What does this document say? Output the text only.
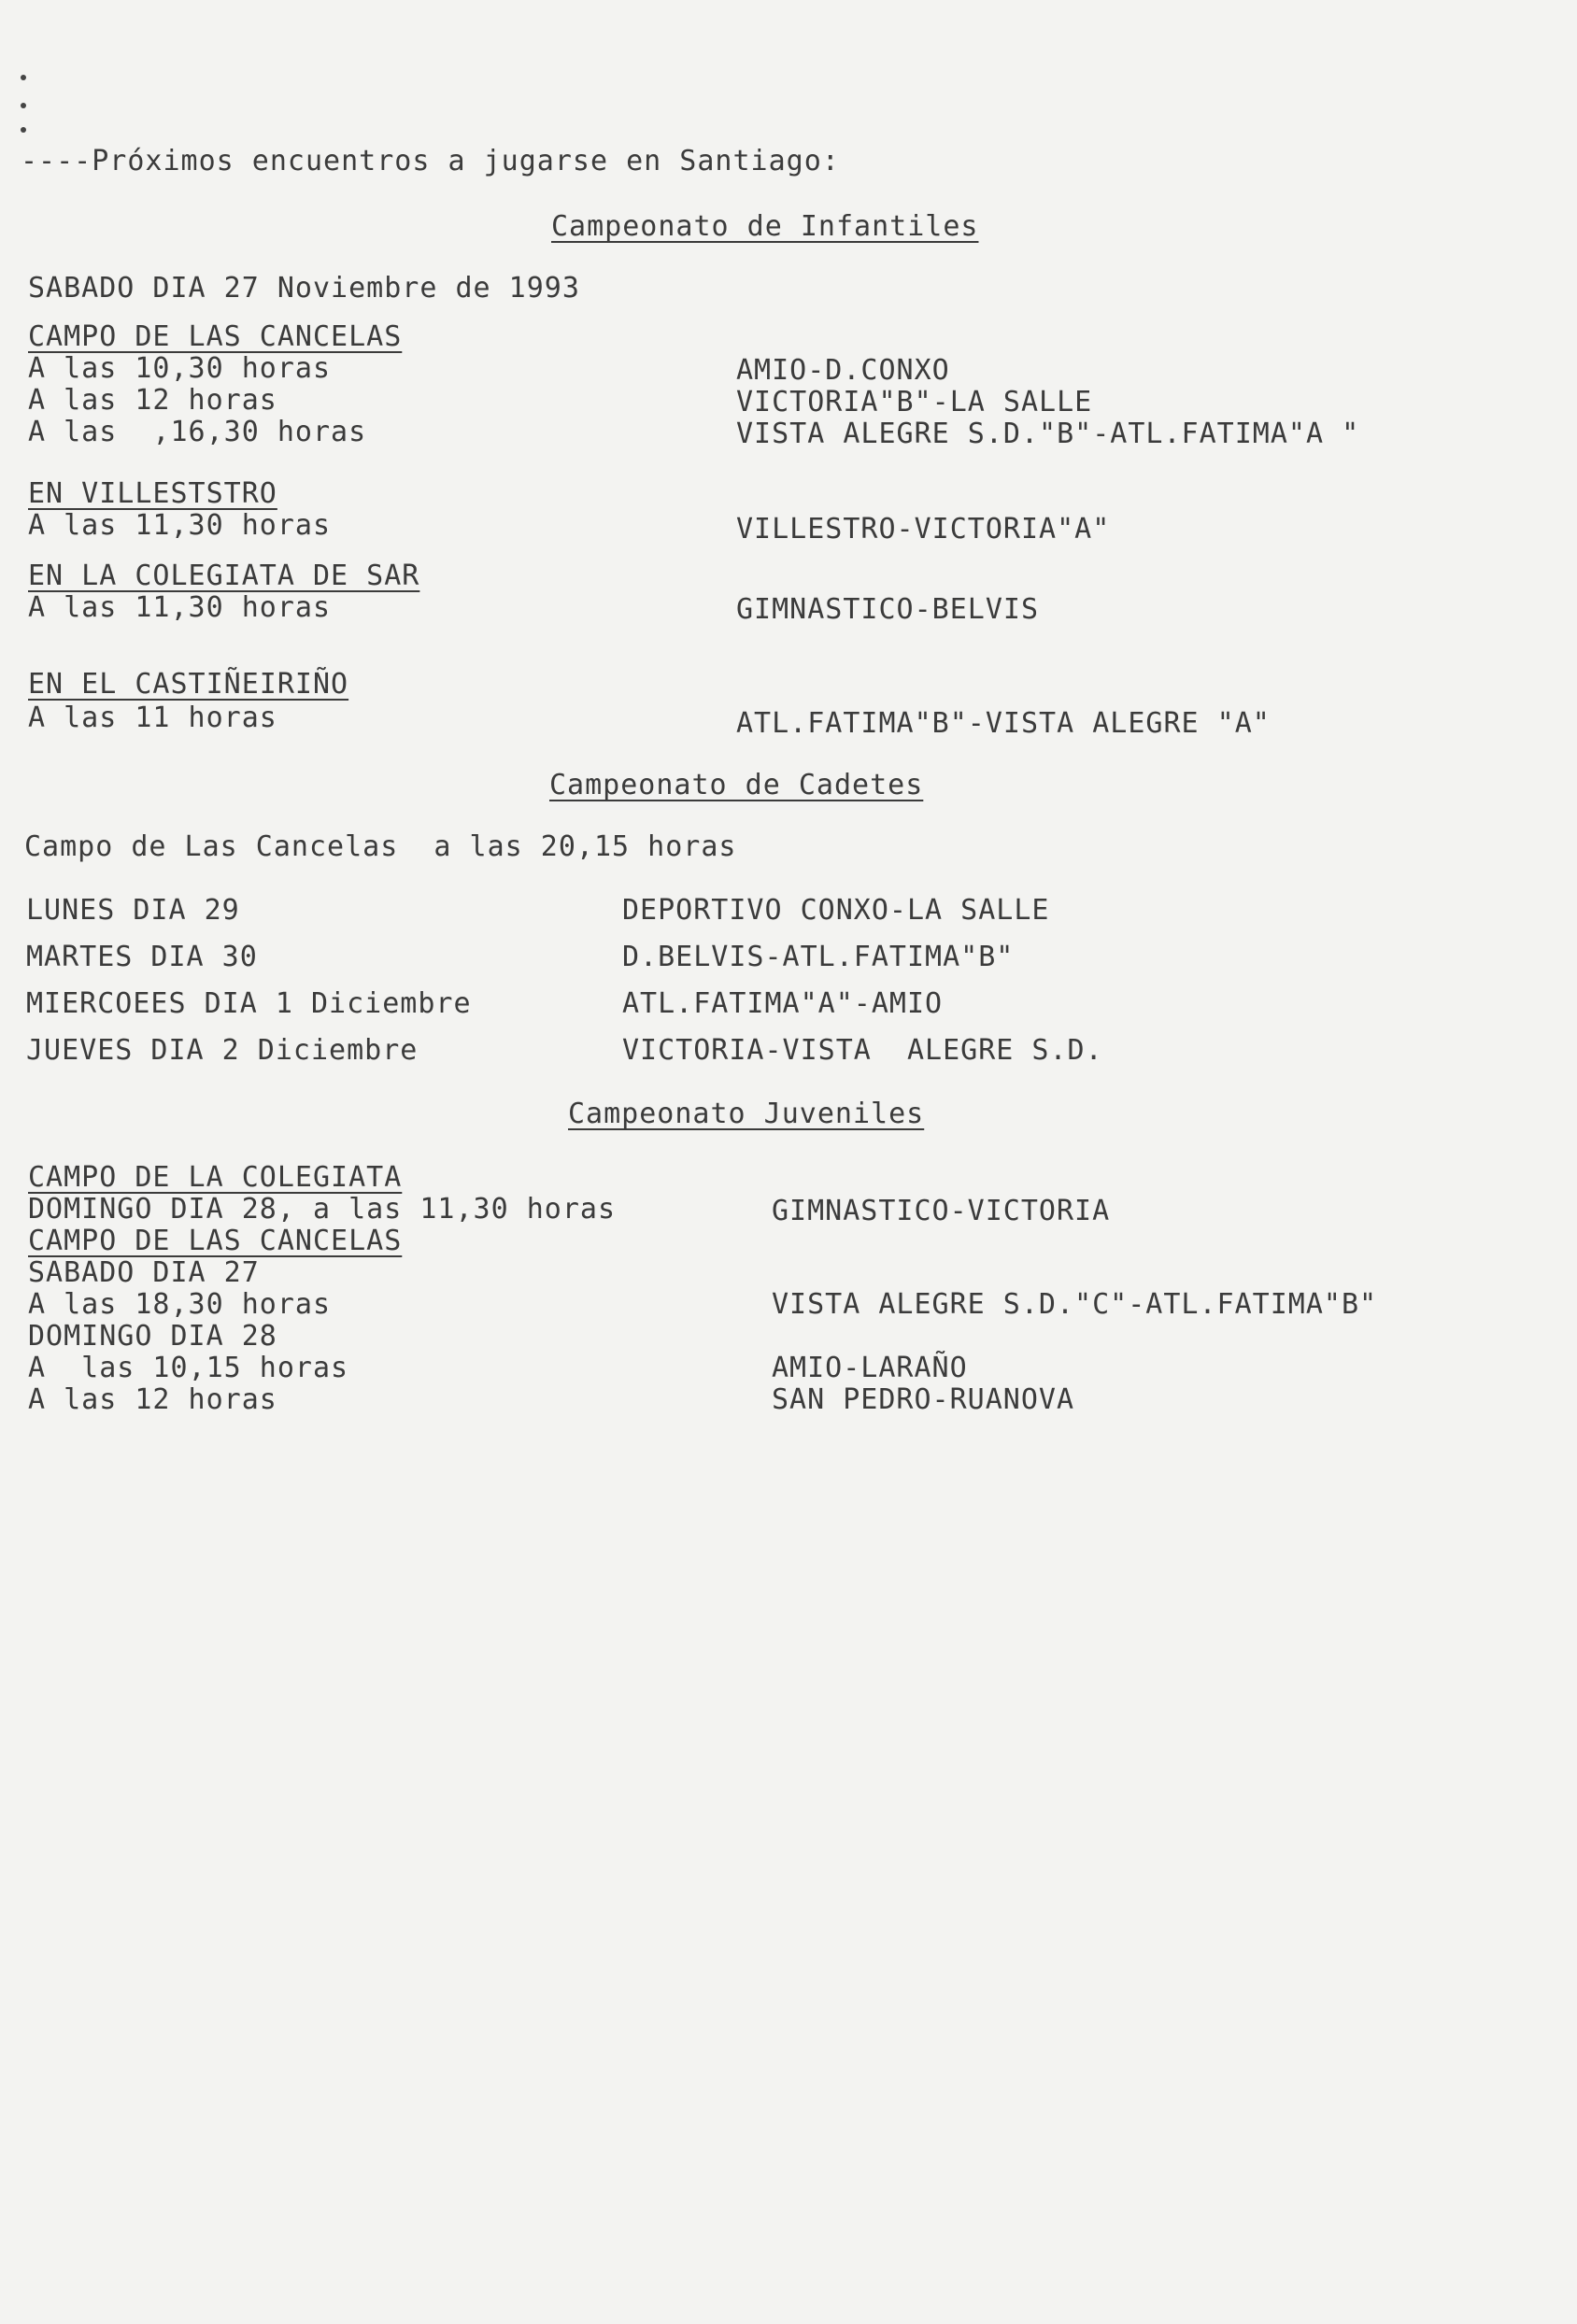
----Próximos encuentros a jugarse en Santiago:
Campeonato de Infantiles
SABADO DIA 27 Noviembre de 1993
CAMPO DE LAS CANCELAS
A las 10,30 horas	AMIO-D.CONXO
A las 12 horas	VICTORIA"B"-LA SALLE
A las  ,16,30 horas	VISTA ALEGRE S.D."B"-ATL.FATIMA"A "
EN VILLESTSTRO
A las 11,30 horas	VILLESTRO-VICTORIA"A"
EN LA COLEGIATA DE SAR
A las 11,30 horas	GIMNASTICO-BELVIS
EN EL CASTIÑEIRIÑO
A las 11 horas	ATL.FATIMA"B"-VISTA ALEGRE "A"
Campeonato de Cadetes
Campo de Las Cancelas  a las 20,15 horas
LUNES DIA 29	DEPORTIVO CONXO-LA SALLE
MARTES DIA 30	D.BELVIS-ATL.FATIMA"B"
MIERCOEES DIA 1 Diciembre	ATL.FATIMA"A"-AMIO
JUEVES DIA 2 Diciembre	VICTORIA-VISTA  ALEGRE S.D.
Campeonato Juveniles
CAMPO DE LA COLEGIATA
DOMINGO DIA 28, a las 11,30 horas	GIMNASTICO-VICTORIA
CAMPO DE LAS CANCELAS
SABADO DIA 27
A las 18,30 horas	VISTA ALEGRE S.D."C"-ATL.FATIMA"B"
DOMINGO DIA 28
A  las 10,15 horas	AMIO-LARAÑO
A las 12 horas	SAN PEDRO-RUANOVA
